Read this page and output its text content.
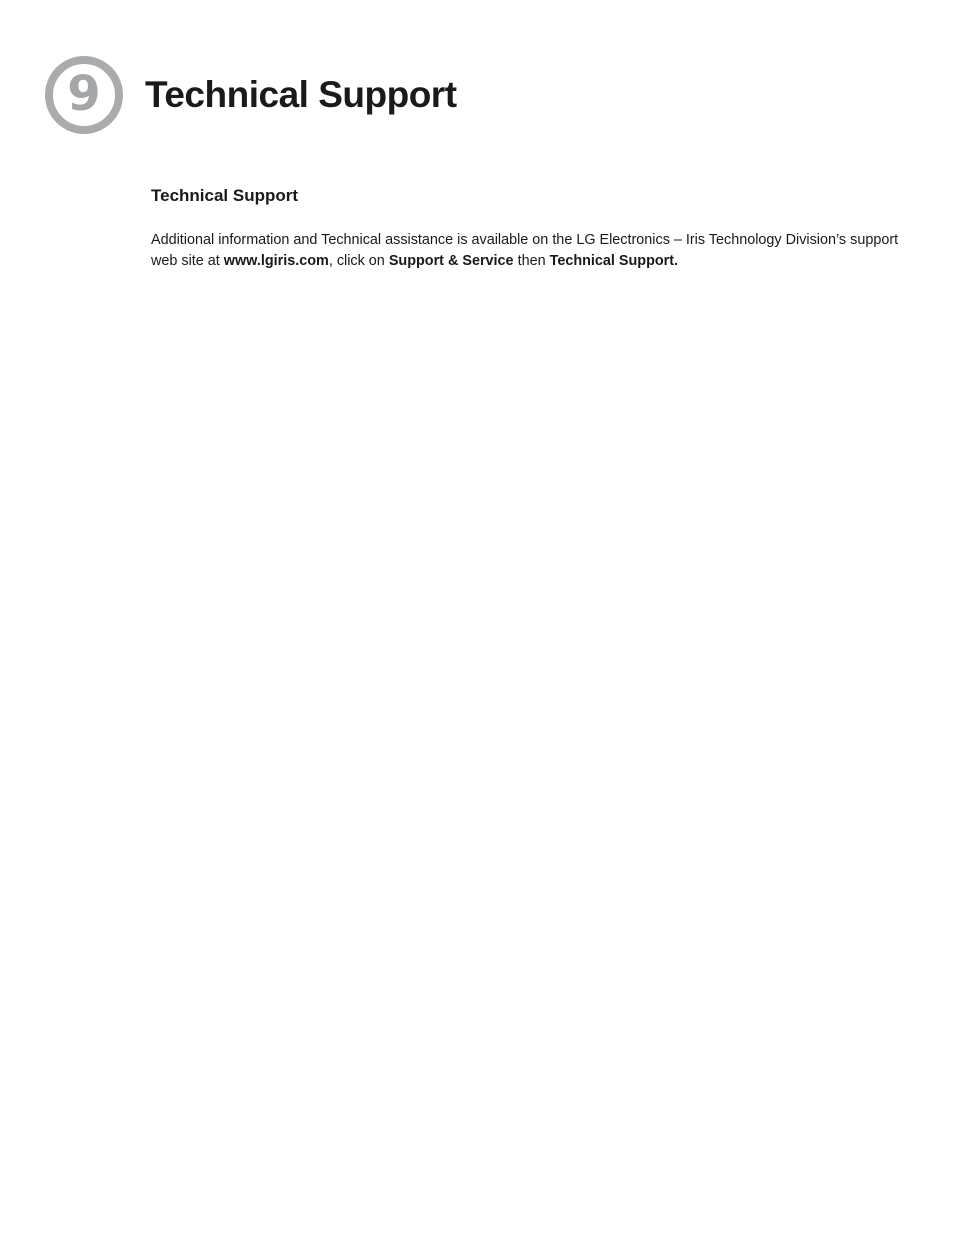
9 Technical Support
Technical Support

Additional information and Technical assistance is available on the LG Electronics – Iris Technology Division’s support
web site at www.lgiris.com, click on Support & Service then Technical Support.
